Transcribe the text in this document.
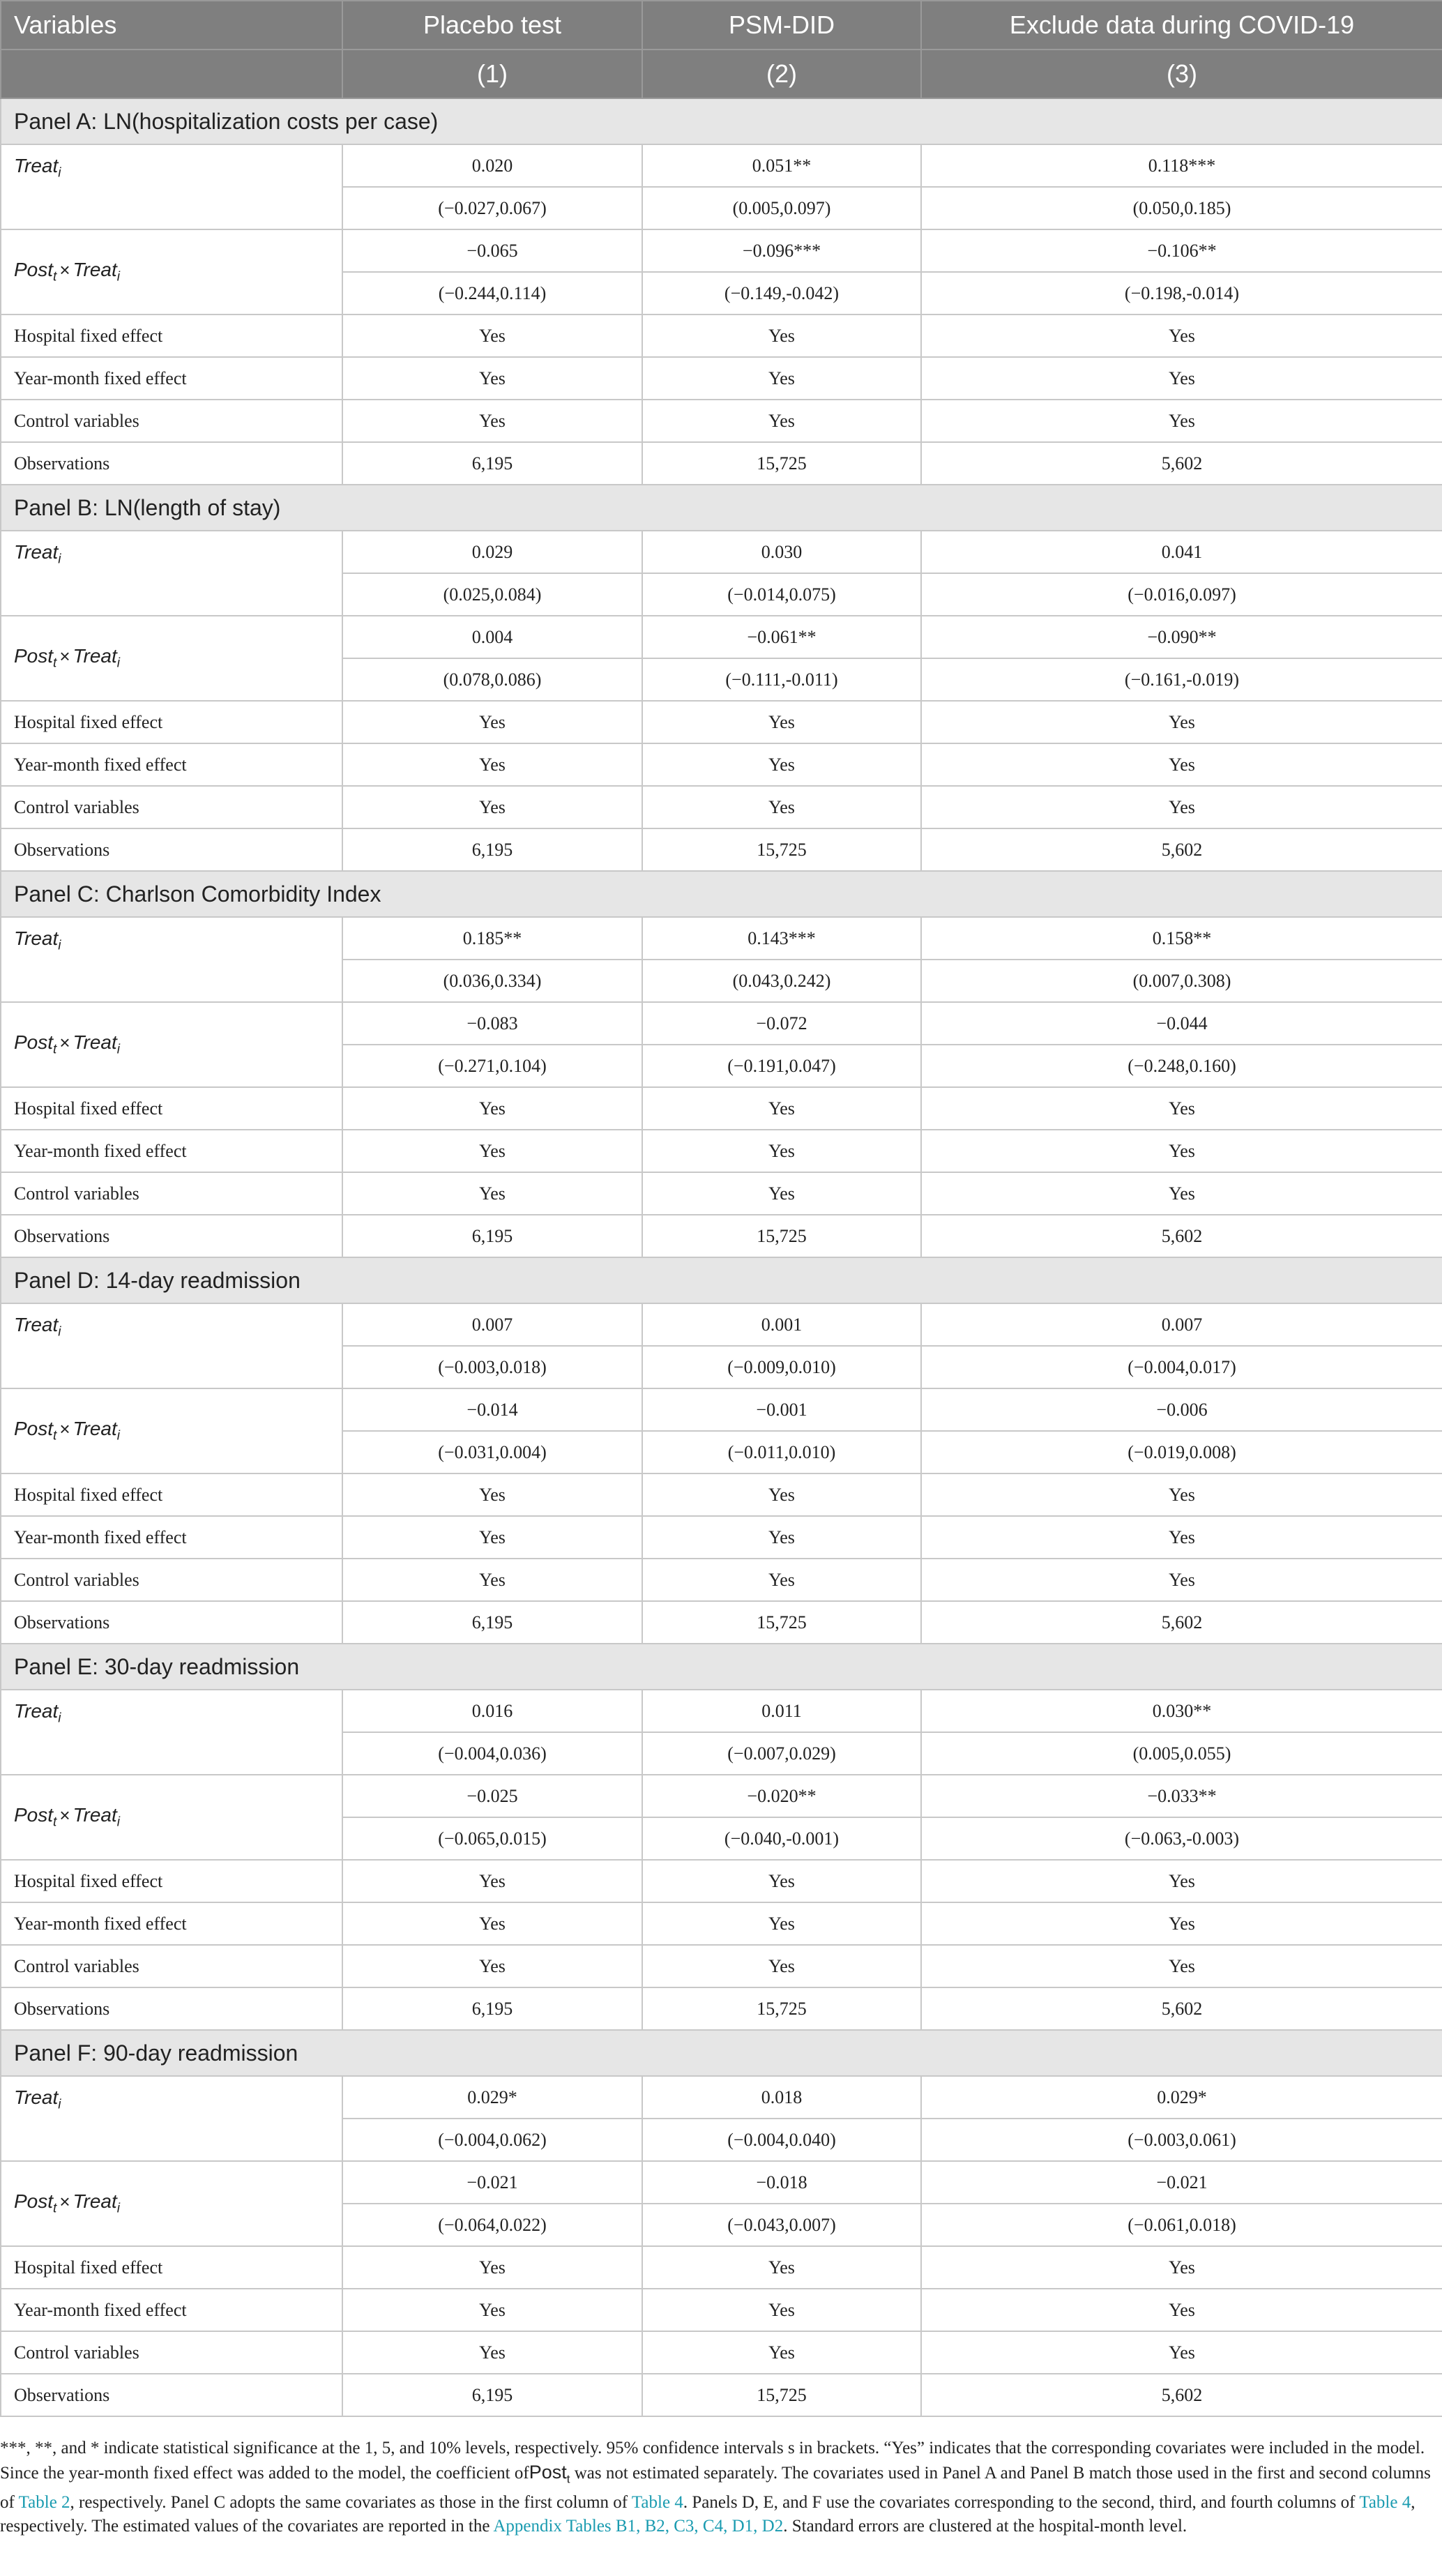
Variables	Placebo test	PSM-DID	Exclude data during COVID-19
	(1)	(2)	(3)
Panel A: LN(hospitalization costs per case)			
Treat$_i$	0.020	0.051**	0.118***
	(−0.027,0.067)	(0.005,0.097)	(0.050,0.185)
Post$_t$ × Treat$_i$	−0.065	−0.096***	−0.106**
	(−0.244,0.114)	(−0.149,-0.042)	(−0.198,-0.014)
Hospital fixed effect	Yes	Yes	Yes
Year-month fixed effect	Yes	Yes	Yes
Control variables	Yes	Yes	Yes
Observations	6,195	15,725	5,602
Panel B: LN(length of stay)			
Treat$_i$	0.029	0.030	0.041
	(0.025,0.084)	(−0.014,0.075)	(−0.016,0.097)
Post$_t$ × Treat$_i$	0.004	−0.061**	−0.090**
	(0.078,0.086)	(−0.111,-0.011)	(−0.161,-0.019)
Hospital fixed effect	Yes	Yes	Yes
Year-month fixed effect	Yes	Yes	Yes
Control variables	Yes	Yes	Yes
Observations	6,195	15,725	5,602
Panel C: Charlson Comorbidity Index			
Treat$_i$	0.185**	0.143***	0.158**
	(0.036,0.334)	(0.043,0.242)	(0.007,0.308)
Post$_t$ × Treat$_i$	−0.083	−0.072	−0.044
	(−0.271,0.104)	(−0.191,0.047)	(−0.248,0.160)
Hospital fixed effect	Yes	Yes	Yes
Year-month fixed effect	Yes	Yes	Yes
Control variables	Yes	Yes	Yes
Observations	6,195	15,725	5,602
Panel D: 14-day readmission			
Treat$_i$	0.007	0.001	0.007
	(−0.003,0.018)	(−0.009,0.010)	(−0.004,0.017)
Post$_t$ × Treat$_i$	−0.014	−0.001	−0.006
	(−0.031,0.004)	(−0.011,0.010)	(−0.019,0.008)
Hospital fixed effect	Yes	Yes	Yes
Year-month fixed effect	Yes	Yes	Yes
Control variables	Yes	Yes	Yes
Observations	6,195	15,725	5,602
Panel E: 30-day readmission			
Treat$_i$	0.016	0.011	0.030**
	(−0.004,0.036)	(−0.007,0.029)	(0.005,0.055)
Post$_t$ × Treat$_i$	−0.025	−0.020**	−0.033**
	(−0.065,0.015)	(−0.040,-0.001)	(−0.063,-0.003)
Hospital fixed effect	Yes	Yes	Yes
Year-month fixed effect	Yes	Yes	Yes
Control variables	Yes	Yes	Yes
Observations	6,195	15,725	5,602
Panel F: 90-day readmission			
Treat$_i$	0.029*	0.018	0.029*
	(−0.004,0.062)	(−0.004,0.040)	(−0.003,0.061)
Post$_t$ × Treat$_i$	−0.021	−0.018	−0.021
	(−0.064,0.022)	(−0.043,0.007)	(−0.061,0.018)
Hospital fixed effect	Yes	Yes	Yes
Year-month fixed effect	Yes	Yes	Yes
Control variables	Yes	Yes	Yes
Observations	6,195	15,725	5,602
***, **, and * indicate statistical significance at the 1, 5, and 10% levels, respectively. 95% confidence intervals s in brackets. “Yes” indicates that the corresponding covariates were included in the model. Since the year-month fixed effect was added to the model, the coefficient ofPost$_t$ was not estimated separately. The covariates used in Panel A and Panel B match those used in the first and second columns of Table 2, respectively. Panel C adopts the same covariates as those in the first column of Table 4. Panels D, E, and F use the covariates corresponding to the second, third, and fourth columns of Table 4, respectively. The estimated values of the covariates are reported in the Appendix Tables B1, B2, C3, C4, D1, D2. Standard errors are clustered at the hospital-month level.
